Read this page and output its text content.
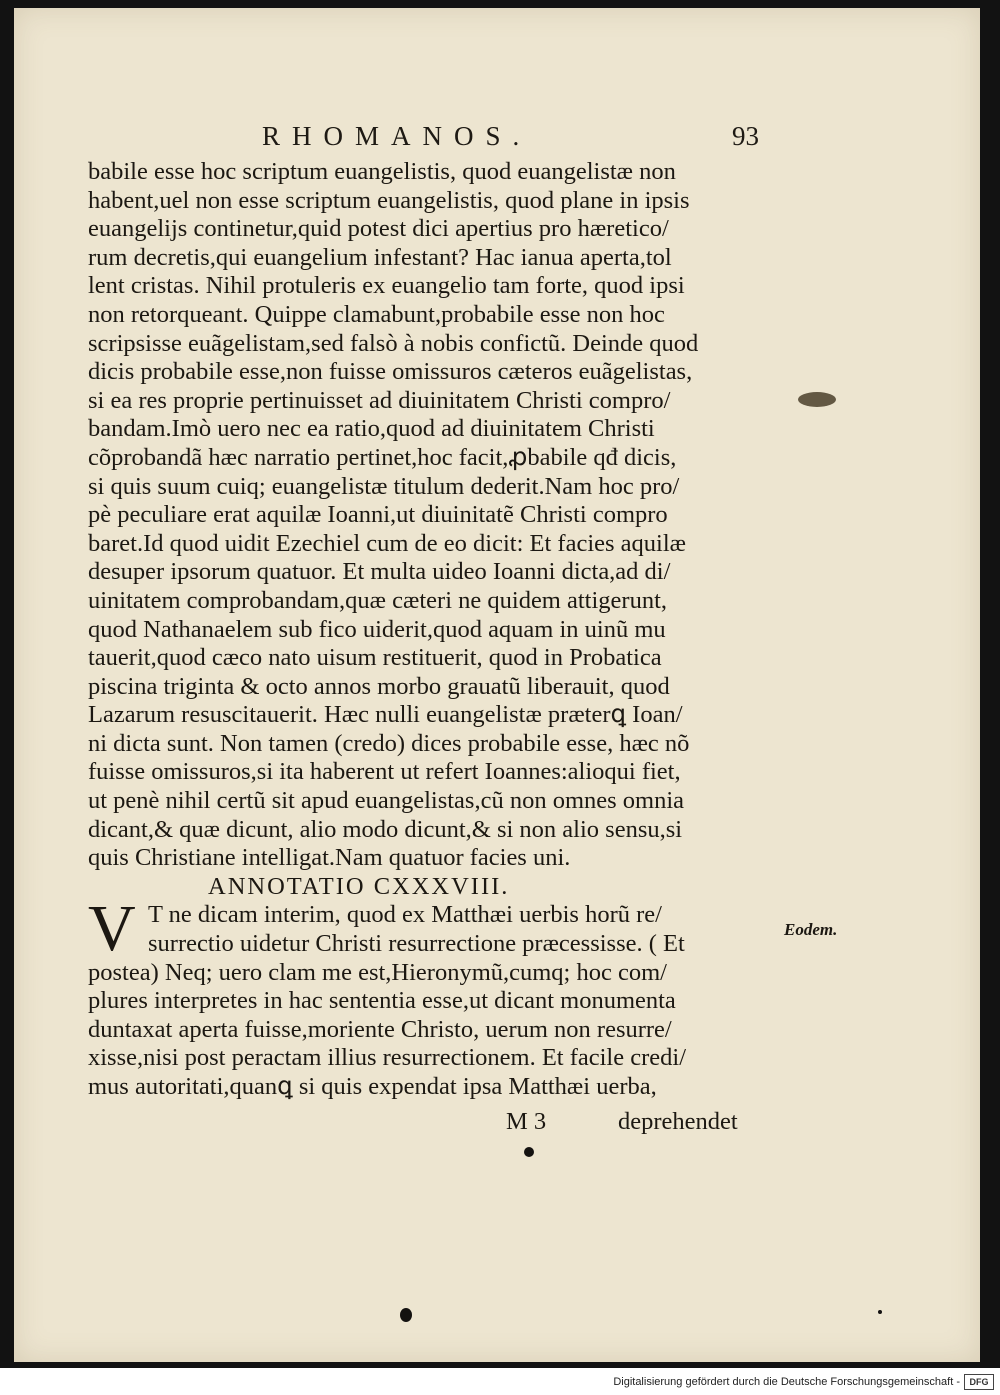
RHOMANOS.	93
Eodem.
babile esse hoc scriptum euangelistis, quod euangelistæ non
habent,uel non esse scriptum euangelistis, quod plane in ipsis
euangelijs continetur,quid potest dici apertius pro hæretico/
rum decretis,qui euangelium infestant? Hac ianua aperta,tol
lent cristas. Nihil protuleris ex euangelio tam forte, quod ipsi
non retorqueant. Quippe clamabunt,probabile esse non hoc
scripsisse euãgelistam,sed falsò à nobis confictũ. Deinde quod
dicis probabile esse,non fuisse omissuros cæteros euãgelistas,
si ea res proprie pertinuisset ad diuinitatem Christi compro/
bandam.Imò uero nec ea ratio,quod ad diuinitatem Christi
cõprobandã hæc narratio pertinet,hoc facit,ꝓbabile qđ dicis,
si quis suum cuiq; euangelistæ titulum dederit.Nam hoc pro/
pè peculiare erat aquilæ Ioanni,ut diuinitatẽ Christi compro
baret.Id quod uidit Ezechiel cum de eo dicit: Et facies aquilæ
desuper ipsorum quatuor. Et multa uideo Ioanni dicta,ad di/
uinitatem comprobandam,quæ cæteri ne quidem attigerunt,
quod Nathanaelem sub fico uiderit,quod aquam in uinũ mu
tauerit,quod cæco nato uisum restituerit, quod in Probatica
piscina triginta & octo annos morbo grauatũ liberauit, quod
Lazarum resuscitauerit. Hæc nulli euangelistæ præterꝗ Ioan/
ni dicta sunt. Non tamen (credo) dices probabile esse, hæc nõ
fuisse omissuros,si ita haberent ut refert Ioannes:alioqui fiet,
ut penè nihil certũ sit apud euangelistas,cũ non omnes omnia
dicant,& quæ dicunt, alio modo dicunt,& si non alio sensu,si
quis Christiane intelligat.Nam quatuor facies uni.
ANNOTATIO CXXXVIII.
V T ne dicam interim, quod ex Matthæi uerbis horũ re/
surrectio uidetur Christi resurrectione præcessisse. ( Et
postea) Neq; uero clam me est,Hieronymũ,cumq; hoc com/
plures interpretes in hac sententia esse,ut dicant monumenta
duntaxat aperta fuisse,moriente Christo, uerum non resurre/
xisse,nisi post peractam illius resurrectionem. Et facile credi/
mus autoritati,quanꝗ si quis expendat ipsa Matthæi uerba,
M 3	deprehendet
Digitalisierung gefördert durch die Deutsche Forschungsgemeinschaft -	DFG
